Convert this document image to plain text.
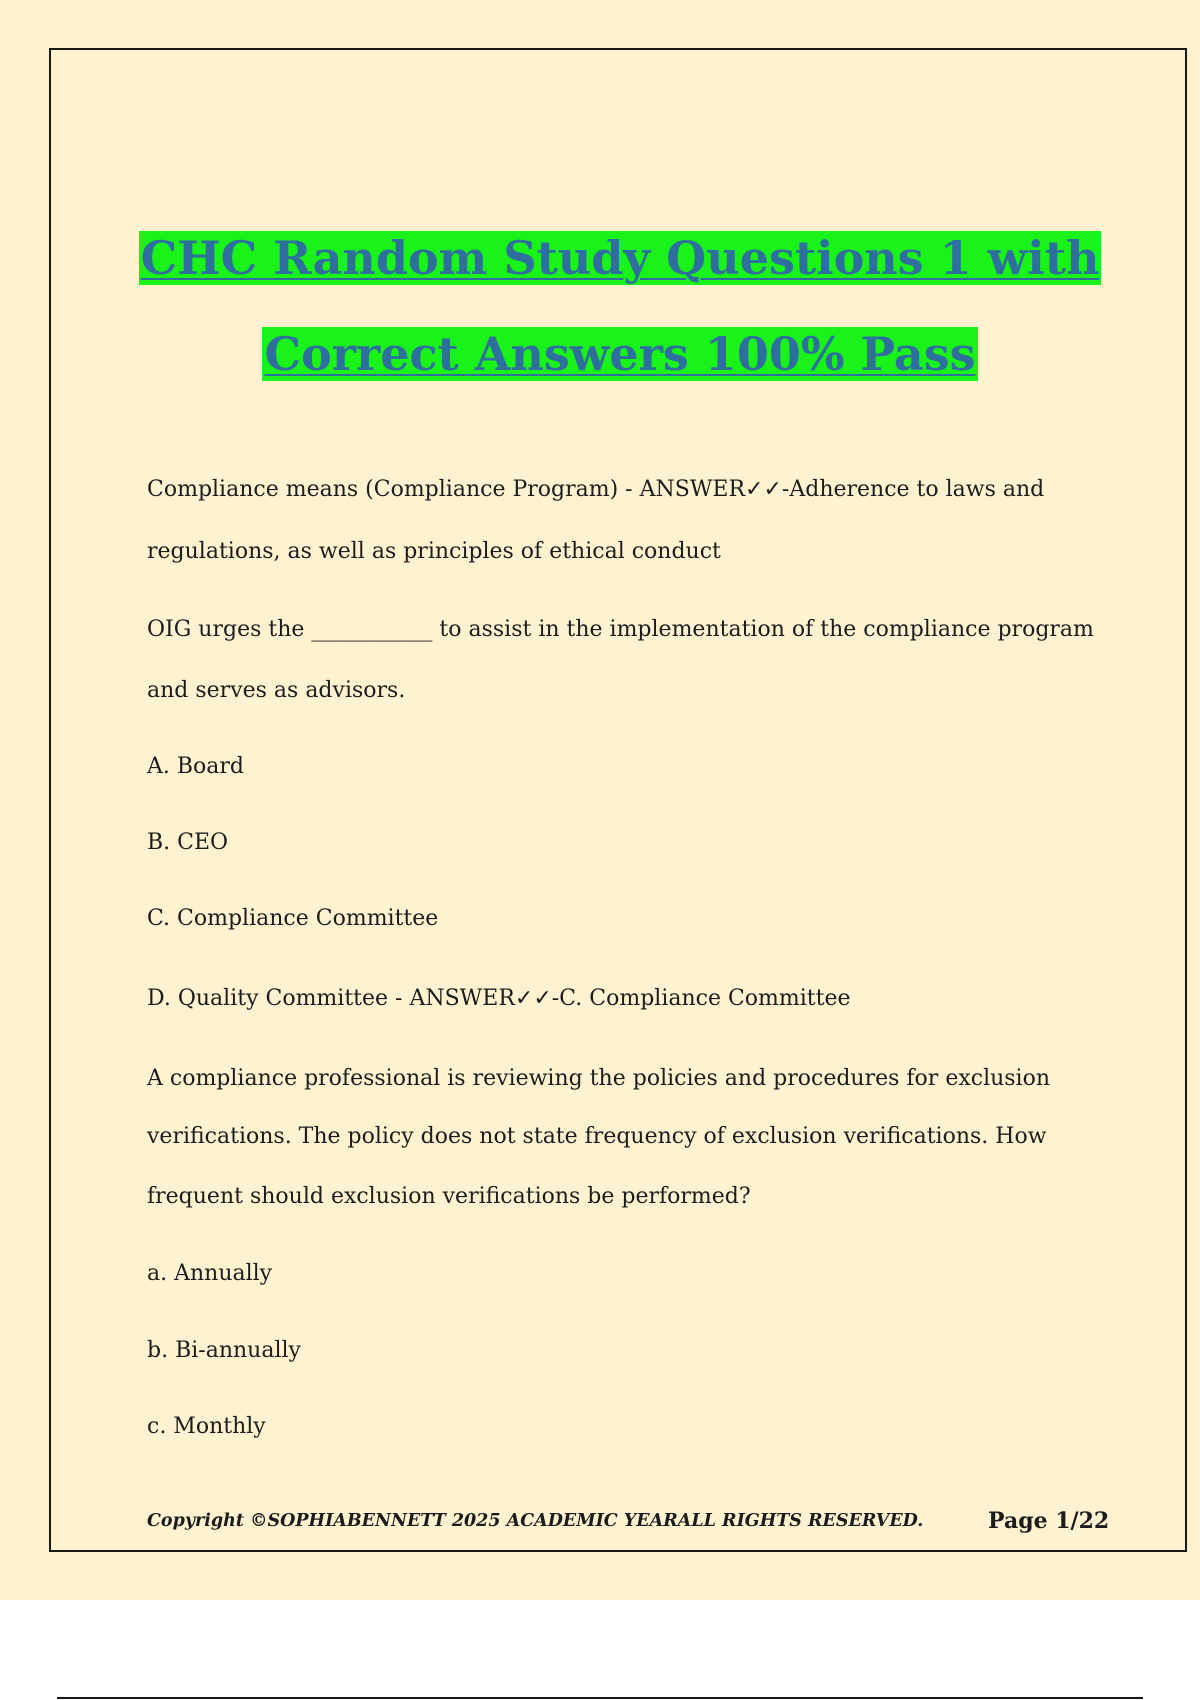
CHC Random Study Questions 1 with
Correct Answers 100% Pass
Compliance means (Compliance Program) - ANSWER✓✓-Adherence to laws and
regulations, as well as principles of ethical conduct
OIG urges the ___________ to assist in the implementation of the compliance program
and serves as advisors.
A. Board
B. CEO
C. Compliance Committee
D. Quality Committee - ANSWER✓✓-C. Compliance Committee
A compliance professional is reviewing the policies and procedures for exclusion
verifications. The policy does not state frequency of exclusion verifications. How
frequent should exclusion verifications be performed?
a. Annually
b. Bi-annually
c. Monthly
Copyright ©SOPHIABENNETT 2025 ACADEMIC YEARALL RIGHTS RESERVED.	Page 1/22
